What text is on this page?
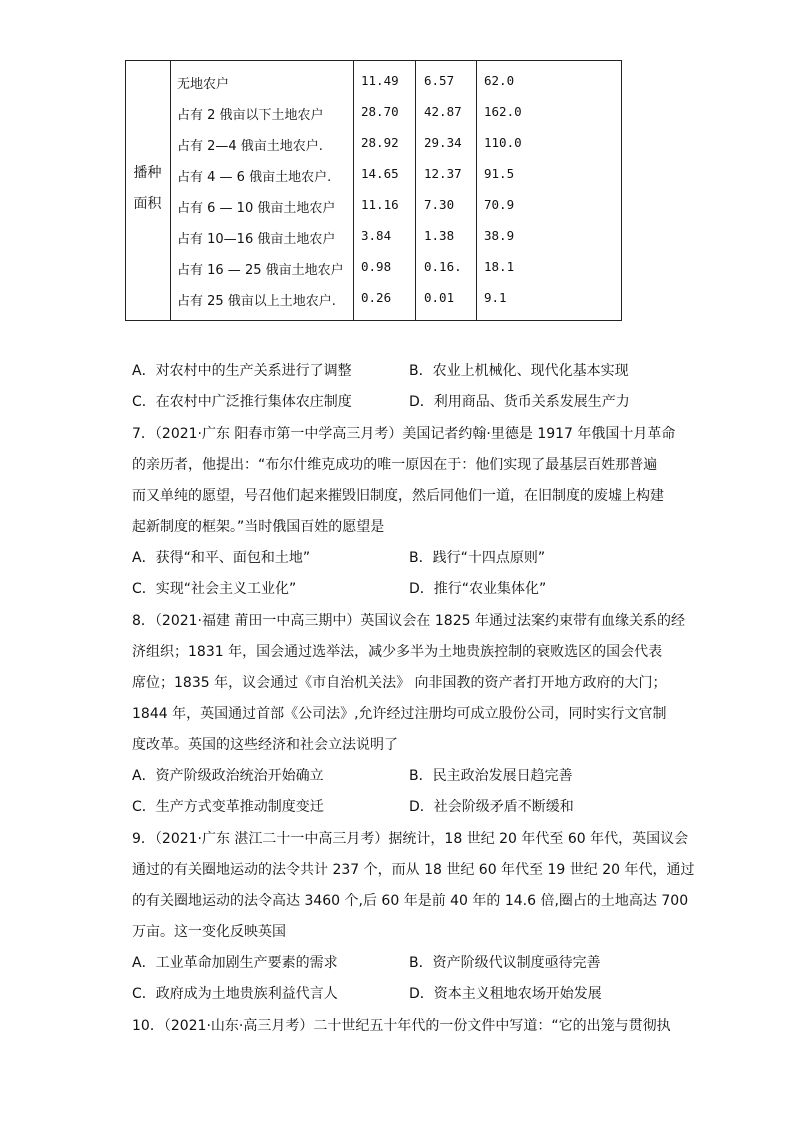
播种
面积
无地农户	11.49 6.57 62.0
占有 2 俄亩以下土地农户	28.70 42.87 162.0
占有 2—4 俄亩土地农户.	28.92 29.34 110.0
占有 4 — 6 俄亩土地农户. 14.65 12.37 91.5
占有 6 — 10 俄亩土地农户 11.16 7.30 70.9
占有 10—16 俄亩土地农户 3.84	1.38 38.9
占有 16 — 25 俄亩土地农户 0.98	0.16. 18.1
占有 25 俄亩以上土地农户. 0.26	0.01 9.1
A．对农村中的生产关系进行了调整	B．农业上机械化、现代化基本实现
C．在农村中广泛推行集体农庄制度	D．利用商品、货币关系发展生产力
7．（2021·广东 阳春市第一中学高三月考）美国记者约翰·里德是 1917 年俄国十月革命
的亲历者，他提出：“布尔什维克成功的唯一原因在于：他们实现了最基层百姓那普遍
而又单纯的愿望，号召他们起来摧毁旧制度，然后同他们一道，在旧制度的废墟上构建
起新制度的框架。”当时俄国百姓的愿望是
A．获得“和平、面包和土地”	B．践行“十四点原则”
C．实现“社会主义工业化”	D．推行“农业集体化”
8．（2021·福建 莆田一中高三期中）英国议会在 1825 年通过法案约束带有血缘关系的经
济组织；1831 年，国会通过选举法，减少多半为土地贵族控制的衰败选区的国会代表
席位；1835 年，议会通过《市自治机关法》 向非国教的资产者打开地方政府的大门；
1844 年，英国通过首部《公司法》,允许经过注册均可成立股份公司，同时实行文官制
度改革。英国的这些经济和社会立法说明了
A．资产阶级政治统治开始确立	B．民主政治发展日趋完善
C．生产方式变革推动制度变迁	D．社会阶级矛盾不断缓和
9．（2021·广东 湛江二十一中高三月考）据统计，18 世纪 20 年代至 60 年代，英国议会
通过的有关圈地运动的法令共计 237 个，而从 18 世纪 60 年代至 19 世纪 20 年代，通过
的有关圈地运动的法令高达 3460 个,后 60 年是前 40 年的 14.6 倍,圈占的土地高达 700
万亩。这一变化反映英国
A．工业革命加剧生产要素的需求	B．资产阶级代议制度亟待完善
C．政府成为土地贵族利益代言人	D．资本主义租地农场开始发展
10．（2021·山东·高三月考）二十世纪五十年代的一份文件中写道：“它的出笼与贯彻执
